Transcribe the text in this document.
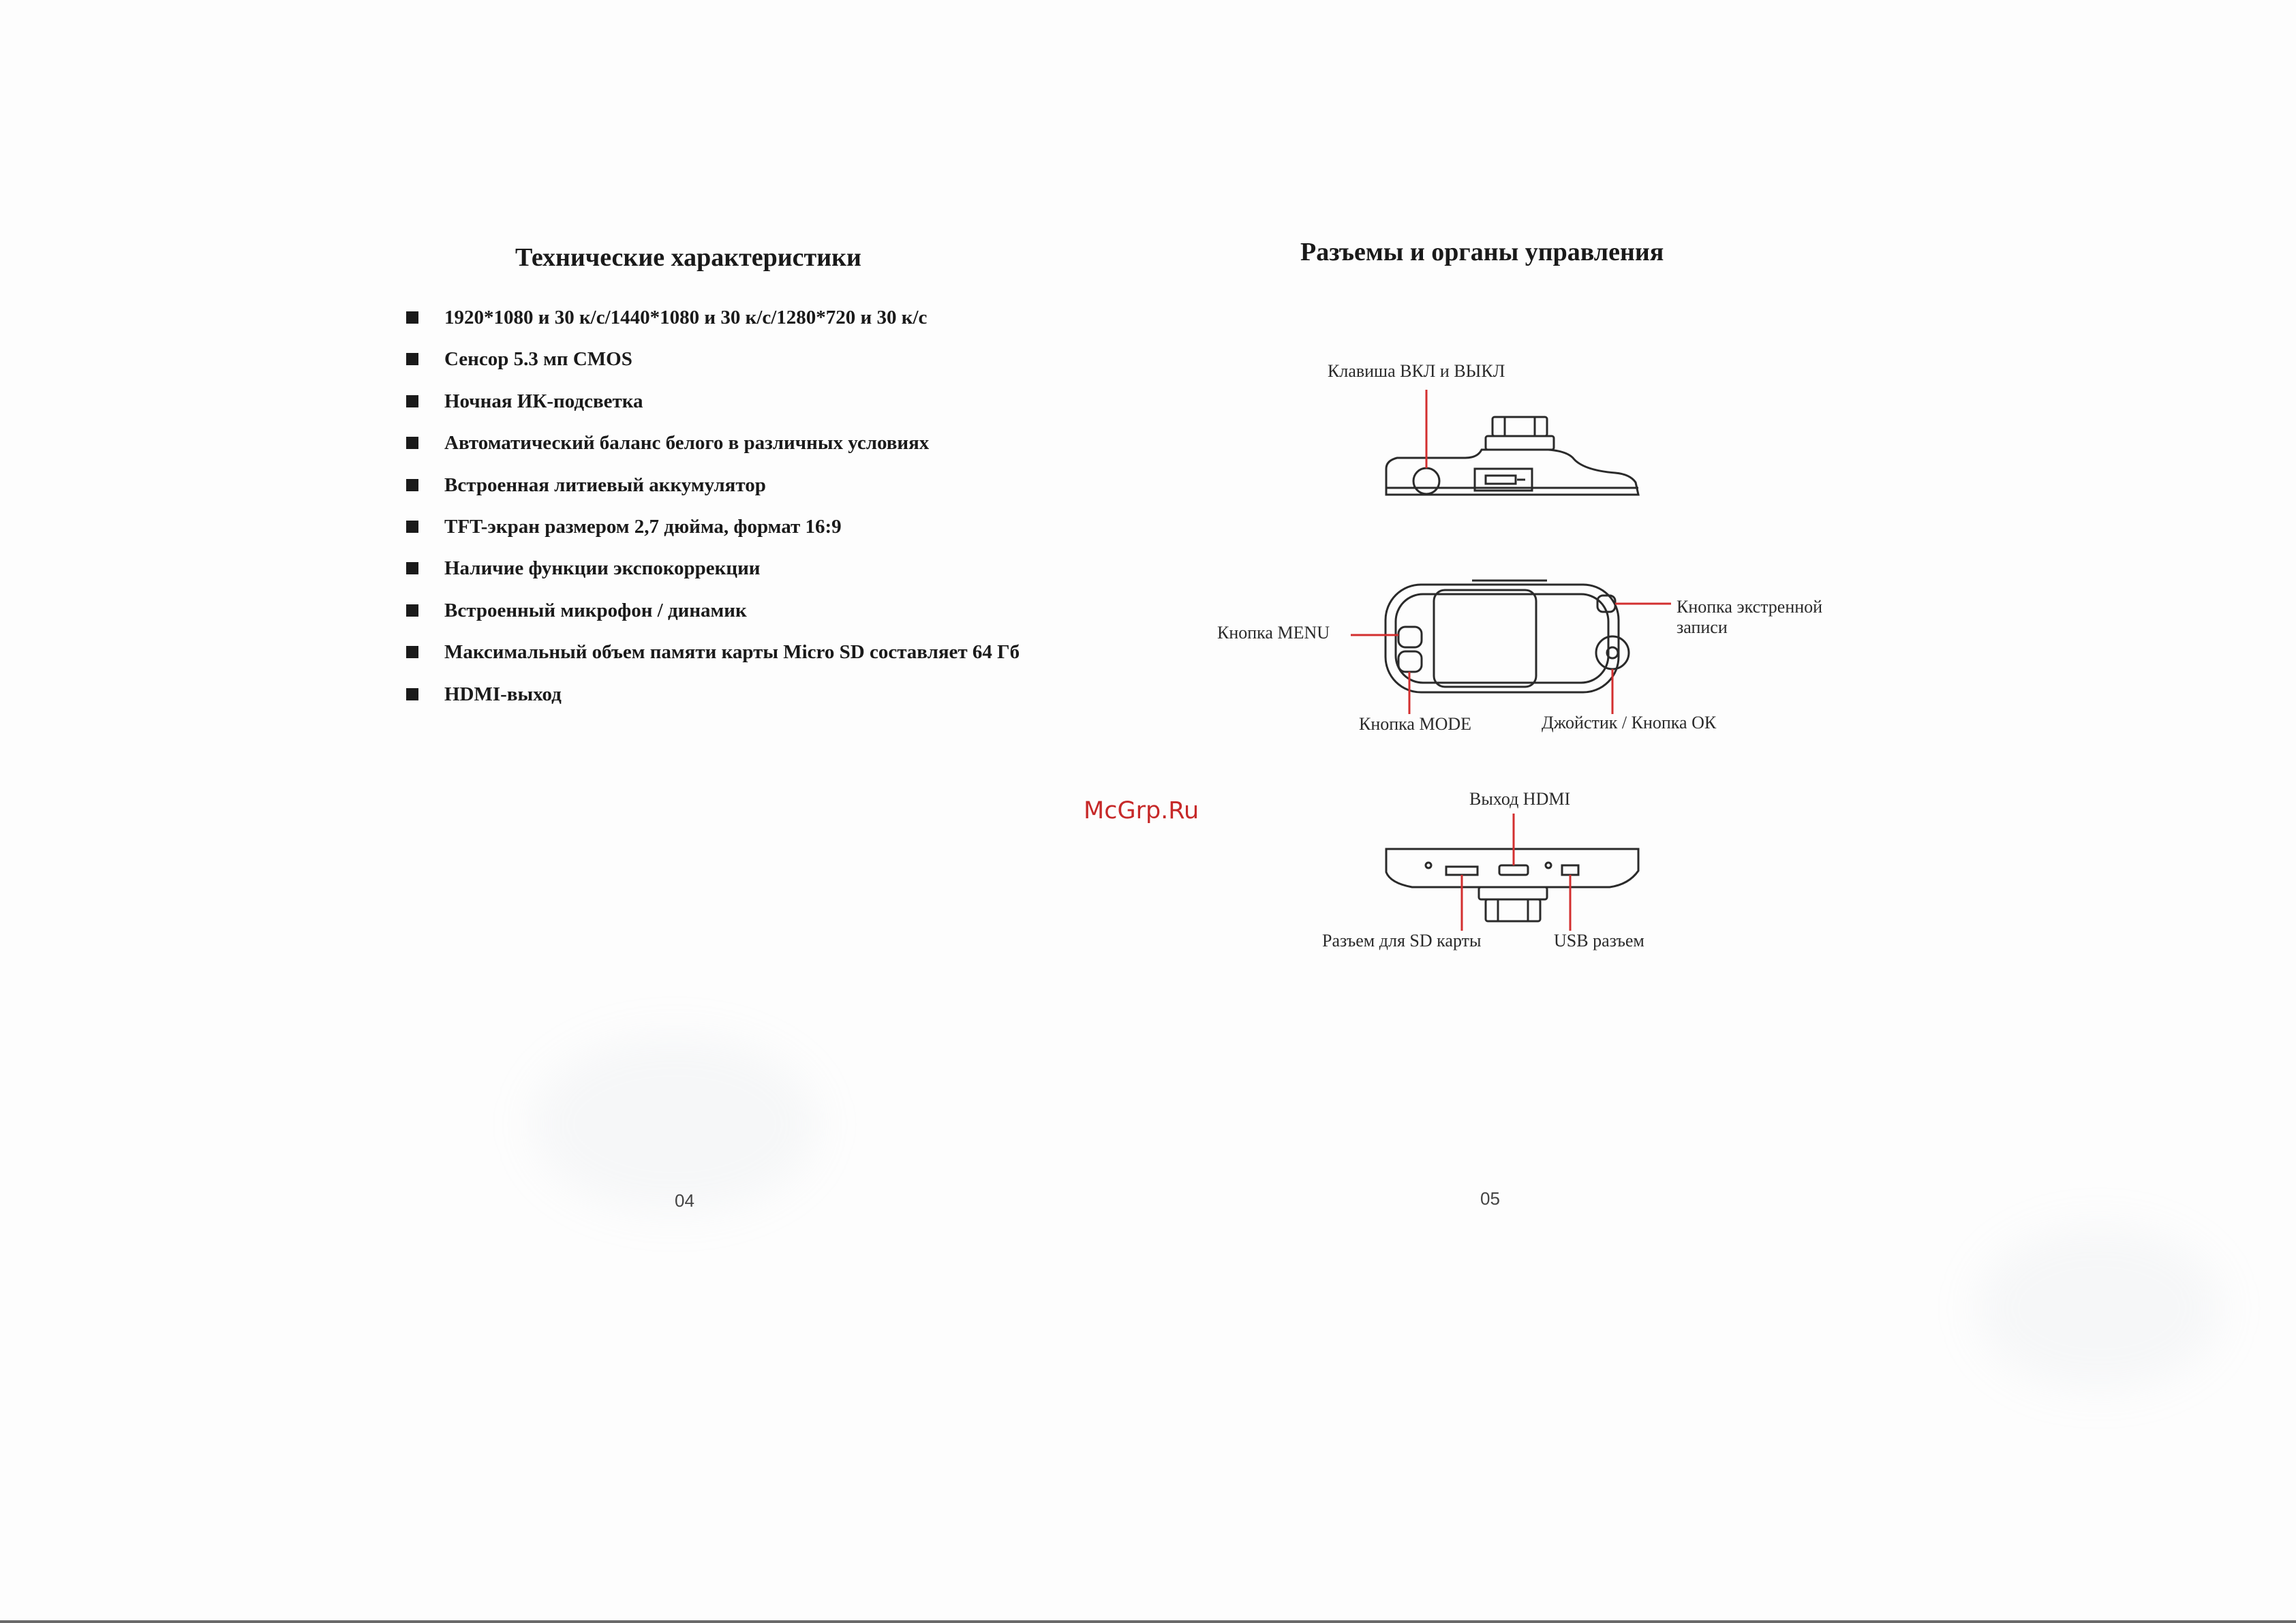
Технические характеристики
1920*1080 и 30 к/с/1440*1080 и 30 к/с/1280*720 и 30 к/с
Сенсор 5.3 мп CMOS
Ночная ИК-подсветка
Автоматический баланс белого в различных условиях
Встроенная литиевый аккумулятор
TFT-экран размером 2,7 дюйма, формат 16:9
Наличие функции экспокоррекции
Встроенный микрофон / динамик
Максимальный объем памяти карты Micro SD составляет 64 Гб
HDMI-выход
04
McGrp.Ru
Разъемы и органы управления
Клавиша ВКЛ и ВЫКЛ
Кнопка MENU
Кнопка экстренной
записи
Кнопка MODE	Джойстик / Кнопка ОК
Выход HDMI
Разъем для SD карты	USB разъем
05
